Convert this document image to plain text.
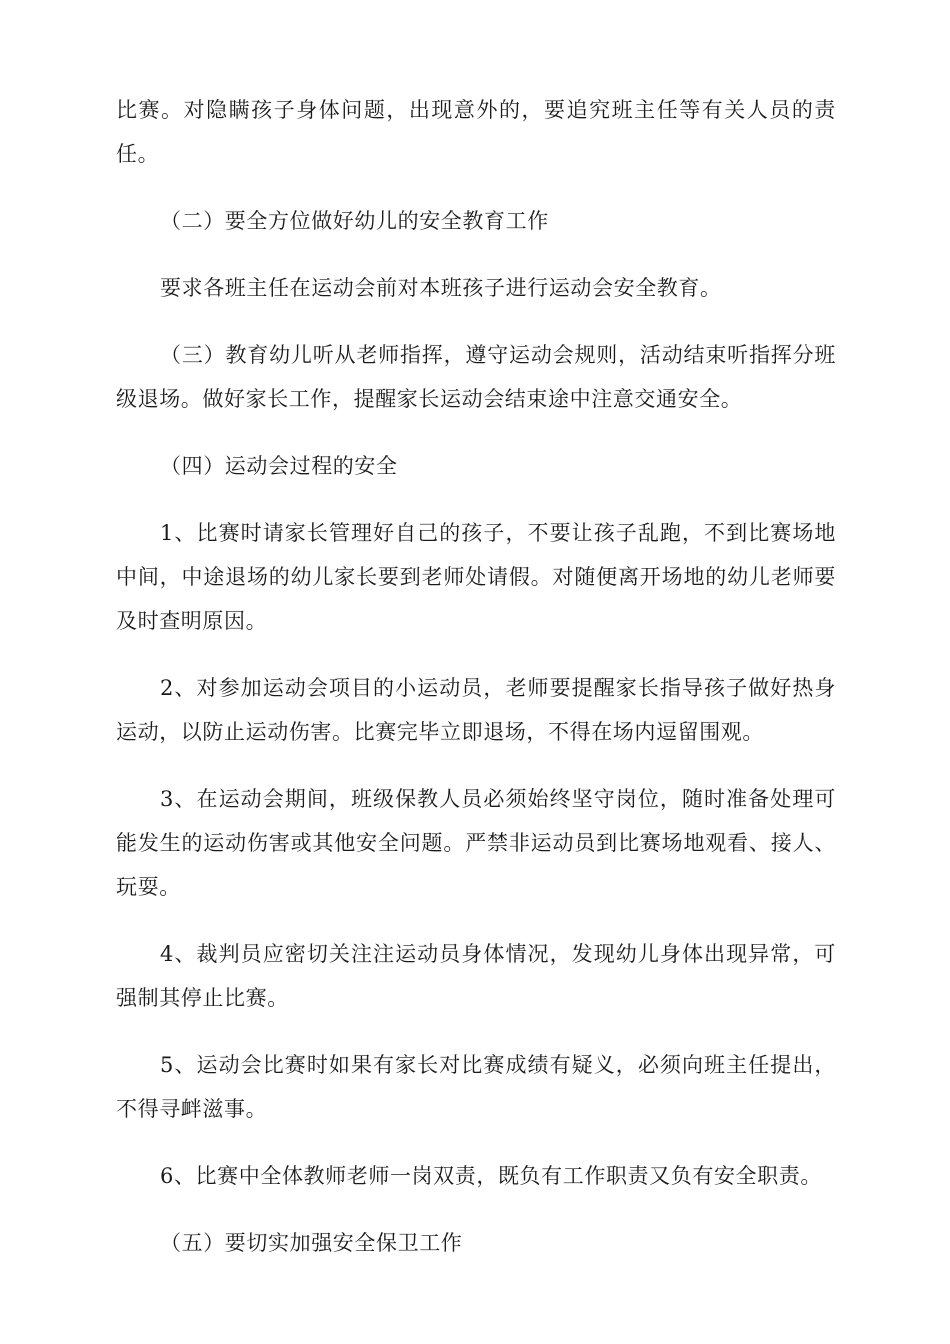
比赛。对隐瞒孩子身体问题，出现意外的，要追究班主任等有关人员的责任。

（二）要全方位做好幼儿的安全教育工作

要求各班主任在运动会前对本班孩子进行运动会安全教育。

（三）教育幼儿听从老师指挥，遵守运动会规则，活动结束听指挥分班级退场。做好家长工作，提醒家长运动会结束途中注意交通安全。

（四）运动会过程的安全

1、比赛时请家长管理好自己的孩子，不要让孩子乱跑，不到比赛场地中间，中途退场的幼儿家长要到老师处请假。对随便离开场地的幼儿老师要及时查明原因。

2、对参加运动会项目的小运动员，老师要提醒家长指导孩子做好热身运动，以防止运动伤害。比赛完毕立即退场，不得在场内逗留围观。

3、在运动会期间，班级保教人员必须始终坚守岗位，随时准备处理可能发生的运动伤害或其他安全问题。严禁非运动员到比赛场地观看、接人、玩耍。

4、裁判员应密切关注注运动员身体情况，发现幼儿身体出现异常，可强制其停止比赛。

5、运动会比赛时如果有家长对比赛成绩有疑义，必须向班主任提出，不得寻衅滋事。

6、比赛中全体教师老师一岗双责，既负有工作职责又负有安全职责。

（五）要切实加强安全保卫工作
